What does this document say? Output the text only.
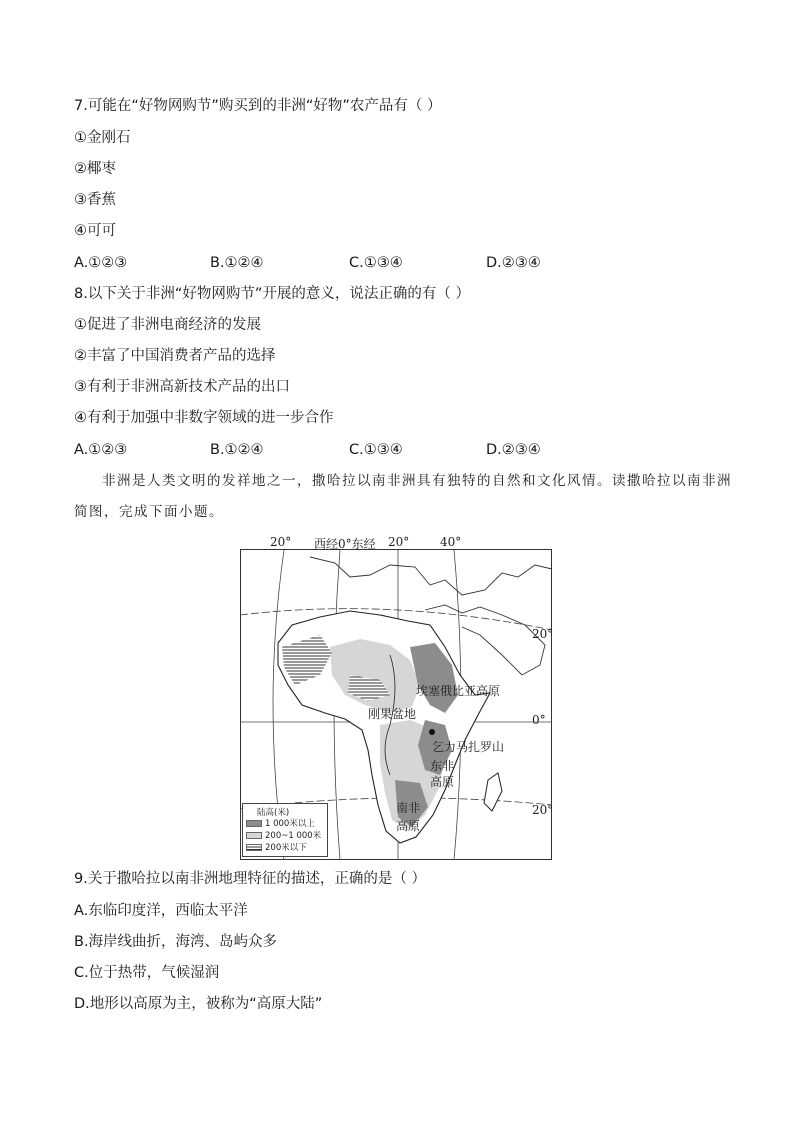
7.可能在“好物网购节”购买到的非洲“好物”农产品有（ ）
①金刚石
②椰枣
③香蕉
④可可
A.①②③	B.①②④	C.①③④	D.②③④
8.以下关于非洲“好物网购节”开展的意义，说法正确的有（ ）
①促进了非洲电商经济的发展
②丰富了中国消费者产品的选择
③有利于非洲高新技术产品的出口
④有利于加强中非数字领域的进一步合作
A.①②③	B.①②④	C.①③④	D.②③④
非洲是人类文明的发祥地之一，撒哈拉以南非洲具有独特的自然和文化风情。读撒哈拉以南非洲简图，完成下面小题。
20° 西经0°东经 20°	40°
20°
0°
20°
埃塞俄比亚高原
刚果盆地
乞力马扎罗山
东非
高原
南非
高原
陆高(米)
1 000米以上
200~1 000米
200米以下
9.关于撒哈拉以南非洲地理特征的描述，正确的是（ ）
A.东临印度洋，西临太平洋
B.海岸线曲折，海湾、岛屿众多
C.位于热带，气候湿润
D.地形以高原为主，被称为“高原大陆”
